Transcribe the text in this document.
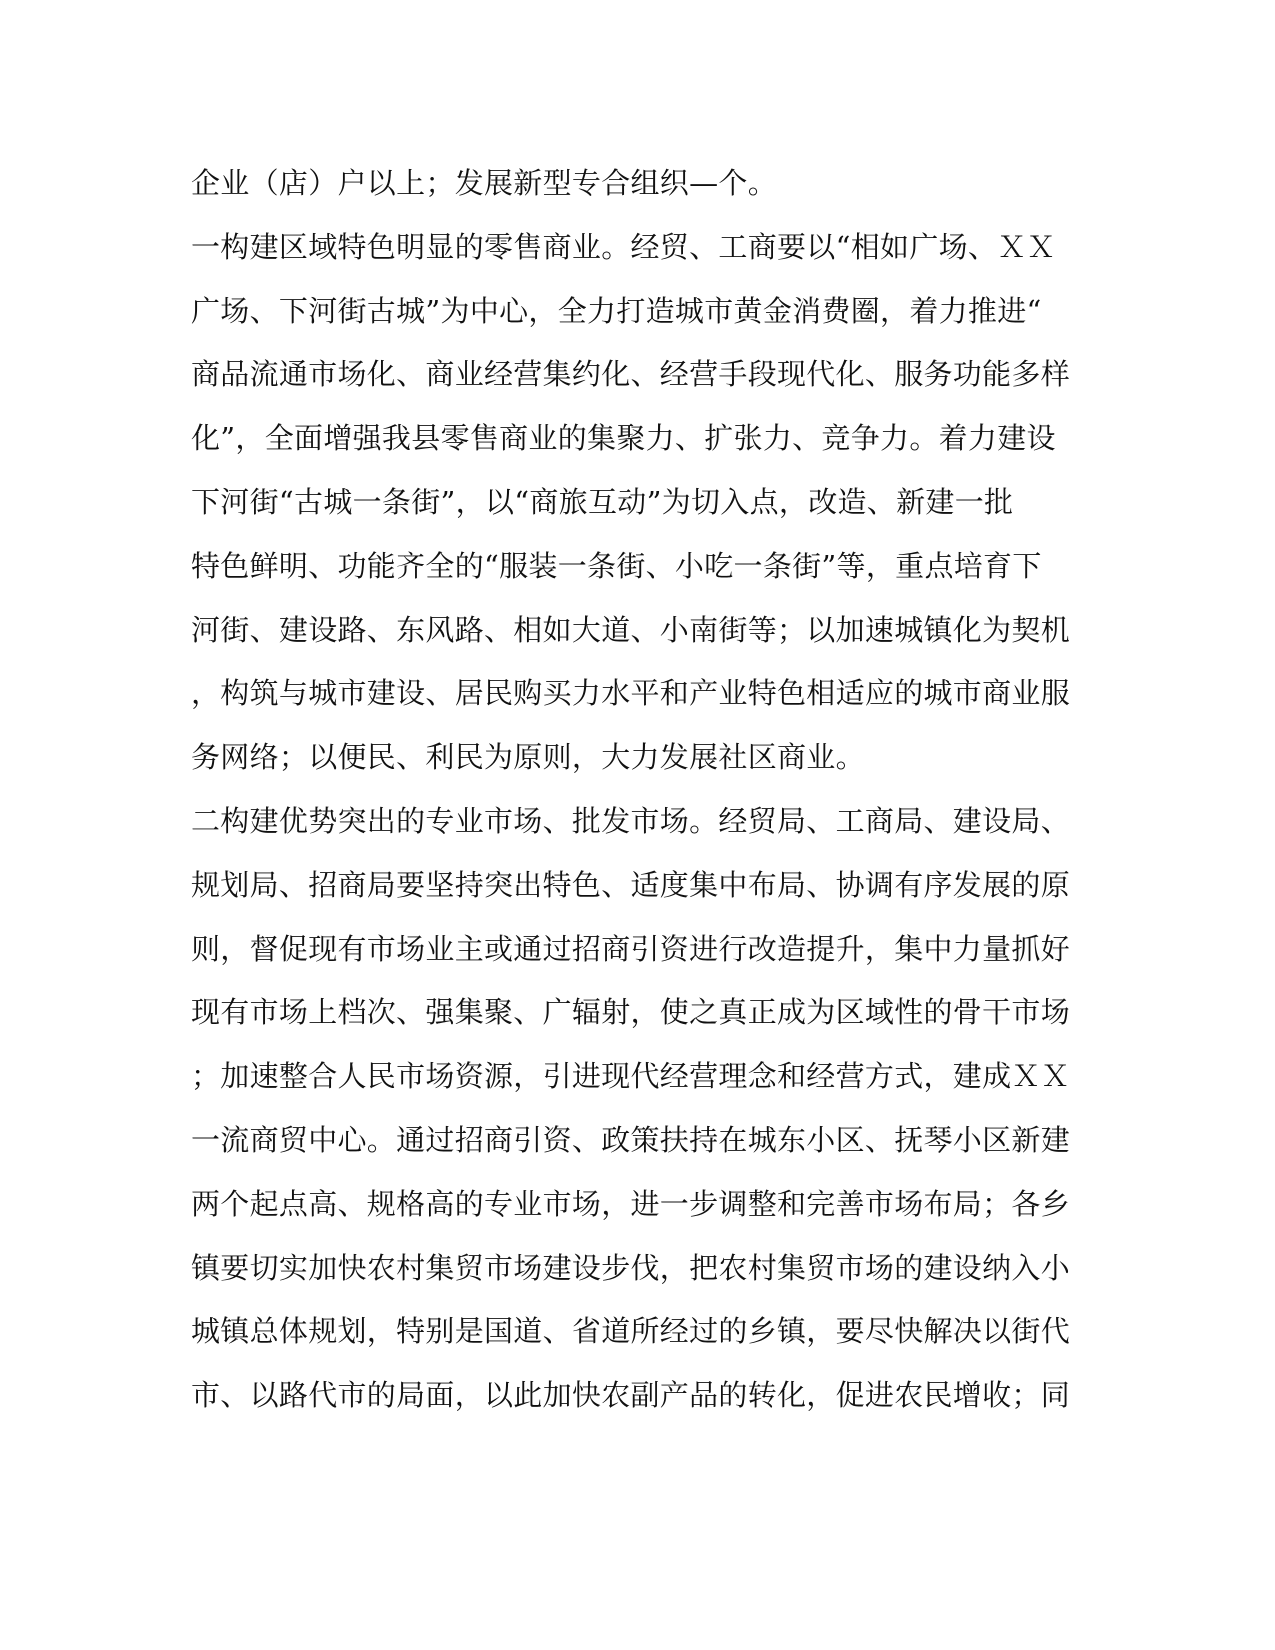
企业（店）户以上；发展新型专合组织—个。
一构建区域特色明显的零售商业。经贸、工商要以“相如广场、ＸＸ
广场、下河街古城”为中心，全力打造城市黄金消费圈，着力推进“
商品流通市场化、商业经营集约化、经营手段现代化、服务功能多样
化”，全面增强我县零售商业的集聚力、扩张力、竞争力。着力建设
下河街“古城一条街”，以“商旅互动”为切入点，改造、新建一批
特色鲜明、功能齐全的“服装一条街、小吃一条街”等，重点培育下
河街、建设路、东风路、相如大道、小南街等；以加速城镇化为契机
，构筑与城市建设、居民购买力水平和产业特色相适应的城市商业服
务网络；以便民、利民为原则，大力发展社区商业。
二构建优势突出的专业市场、批发市场。经贸局、工商局、建设局、
规划局、招商局要坚持突出特色、适度集中布局、协调有序发展的原
则，督促现有市场业主或通过招商引资进行改造提升，集中力量抓好
现有市场上档次、强集聚、广辐射，使之真正成为区域性的骨干市场
；加速整合人民市场资源，引进现代经营理念和经营方式，建成ＸＸ
一流商贸中心。通过招商引资、政策扶持在城东小区、抚琴小区新建
两个起点高、规格高的专业市场，进一步调整和完善市场布局；各乡
镇要切实加快农村集贸市场建设步伐，把农村集贸市场的建设纳入小
城镇总体规划，特别是国道、省道所经过的乡镇，要尽快解决以街代
市、以路代市的局面，以此加快农副产品的转化，促进农民增收；同
